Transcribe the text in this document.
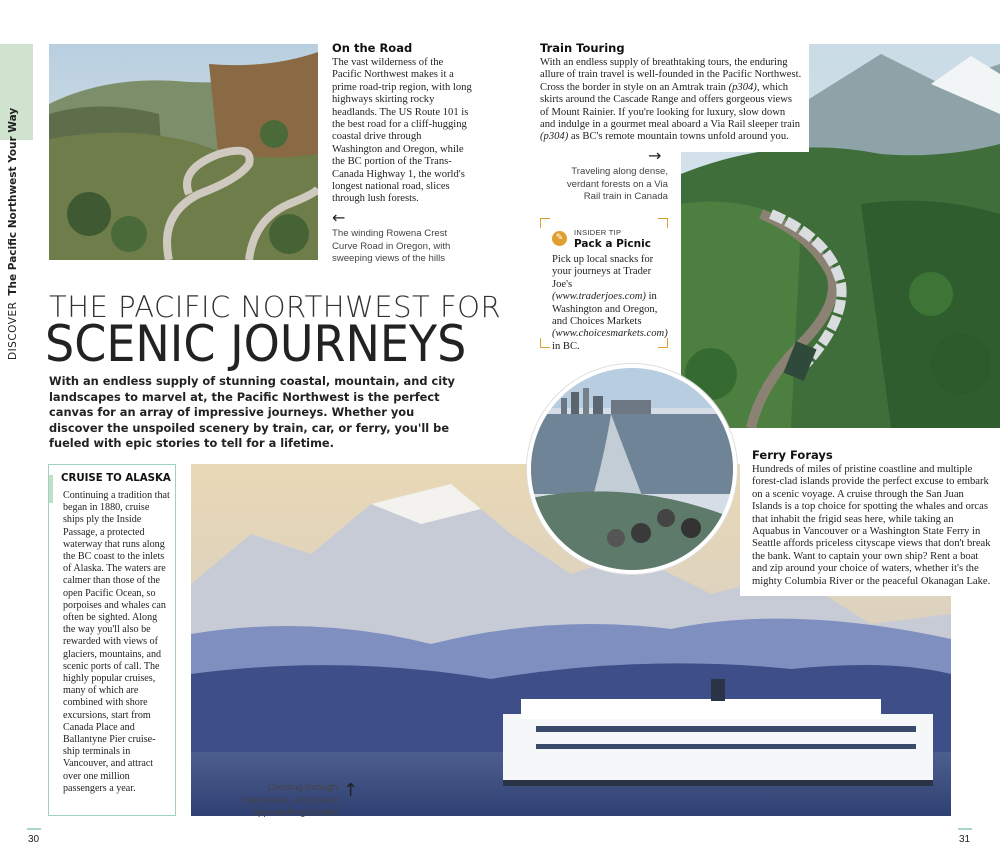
DISCOVERThe Pacific Northwest Your Way
On the Road
The vast wilderness of the Pacific Northwest makes it a prime road-trip region, with long highways skirting rocky headlands. The US Route 101 is the best road for a cliff-hugging coastal drive through Washington and Oregon, while the BC portion of the Trans-Canada Highway 1, the world's longest national road, slices through lush forests.
←
The winding Rowena Crest Curve Road in Oregon, with sweeping views of the hills
Train Touring
With an endless supply of breathtaking tours, the enduring allure of train travel is well-founded in the Pacific Northwest. Cross the border in style on an Amtrak train (p304), which skirts around the Cascade Range and offers gorgeous views of Mount Rainier. If you're looking for luxury, slow down and indulge in a gourmet meal aboard a Via Rail sleeper train (p304) as BC's remote mountain towns unfold around you.
→
Traveling along dense, verdant forests on a Via Rail train in Canada
✎
INSIDER TIP
Pack a Picnic
Pick up local snacks for your journeys at Trader Joe's (www.traderjoes.com) in Washington and Oregon, and Choices Markets (www.choicesmarkets.com) in BC.
THE PACIFIC NORTHWEST FOR
SCENIC JOURNEYS
With an endless supply of stunning coastal, mountain, and city landscapes to marvel at, the Pacific Northwest is the perfect canvas for an array of impressive journeys. Whether you discover the unspoiled scenery by train, car, or ferry, you'll be fueled with epic stories to tell for a lifetime.
CRUISE TO ALASKA
Continuing a tradition that began in 1880, cruise ships ply the Inside Passage, a protected waterway that runs along the BC coast to the inlets of Alaska. The waters are calmer than those of the open Pacific Ocean, so porpoises and whales can often be sighted. Along the way you'll also be rewarded with views of glaciers, mountains, and scenic ports of call. The highly popular cruises, many of which are combined with shore excursions, start from Canada Place and Ballantyne Pier cruise-ship terminals in Vancouver, and attract over one million passengers a year.	Cruising through Vancouver, and (inset) approaching Seattle
↑
Ferry Forays
Hundreds of miles of pristine coastline and multiple forest-clad islands provide the perfect excuse to embark on a scenic voyage. A cruise through the San Juan Islands is a top choice for spotting the whales and orcas that inhabit the frigid seas here, while taking an Aquabus in Vancouver or a Washington State Ferry in Seattle affords priceless cityscape views that don't break the bank. Want to captain your own ship? Rent a boat and zip around your choice of waters, whether it's the mighty Columbia River or the peaceful Okanagan Lake.
30	31
